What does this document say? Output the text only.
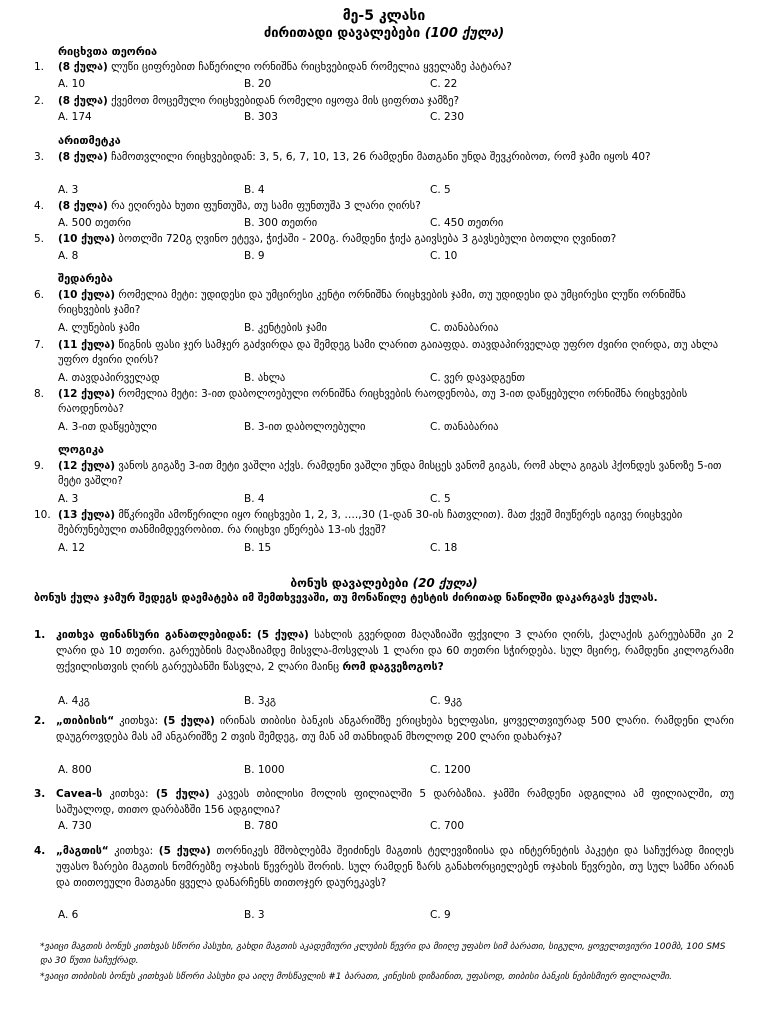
მე-5 კლასი
ძირითადი დავალებები (100 ქულა)
რიცხვთა თეორია
1. (8 ქულა) ლუწი ციფრებით ჩაწერილი ორნიშნა რიცხვებიდან რომელია ყველაზე პატარა?
A. 10	B. 20	C. 22
2. (8 ქულა) ქვემოთ მოცემული რიცხვებიდან რომელი იყოფა მის ციფრთა ჯამზე?
A. 174	B. 303	C. 230
არითმეტკა
3. (8 ქულა) ჩამოთვლილი რიცხვებიდან: 3, 5, 6, 7, 10, 13, 26 რამდენი მათგანი უნდა შევკრიბოთ, რომ ჯამი იყოს 40?
A. 3	B. 4	C. 5
4. (8 ქულა) რა ეღირება ხუთი ფუნთუშა, თუ სამი ფუნთუშა 3 ლარი ღირს?
A. 500 თეთრი	B. 300 თეთრი	C. 450 თეთრი
5. (10 ქულა) ბოთლში 720გ ღვინო ეტევა, ჭიქაში - 200გ. რამდენი ჭიქა გაივსება 3 გავსებული ბოთლი ღვინით?
A. 8	B. 9	C. 10
შედარება
6. (10 ქულა) რომელია მეტი: უდიდესი და უმცირესი კენტი ორნიშნა რიცხვების ჯამი, თუ უდიდესი და უმცირესი ლუწი ორნიშნა რიცხვების ჯამი?
A. ლუწების ჯამი	B. კენტების ჯამი	C. თანაბარია
7. (11 ქულა) წიგნის ფასი ჯერ სამჯერ გაძვირდა და შემდეგ სამი ლარით გაიაფდა. თავდაპირველად უფრო ძვირი ღირდა, თუ ახლა უფრო ძვირი ღირს?
A. თავდაპირველად	B. ახლა	C. ვერ დავადგენთ
8. (12 ქულა) რომელია მეტი: 3-ით დაბოლოებული ორნიშნა რიცხვების რაოდენობა, თუ 3-ით დაწყებული ორნიშნა რიცხვების რაოდენობა?
A. 3-ით დაწყებული	B. 3-ით დაბოლოებული	C. თანაბარია
ლოგიკა
9. (12 ქულა) ვანოს გიგაზე 3-ით მეტი ვაშლი აქვს. რამდენი ვაშლი უნდა მისცეს ვანომ გიგას, რომ ახლა გიგას ჰქონდეს ვანოზე 5-ით მეტი ვაშლი?
A. 3	B. 4	C. 5
10. (13 ქულა) მწკრივში ამოწერილი იყო რიცხვები 1, 2, 3, ….,30 (1-დან 30-ის ჩათვლით). მათ ქვეშ მიუწერეს იგივე რიცხვები შებრუნებული თანმიმდევრობით. რა რიცხვი ეწერება 13-ის ქვეშ?
A. 12	B. 15	C. 18
ბონუს დავალებები (20 ქულა)
ბონუს ქულა ჯამურ შედეგს დაემატება იმ შემთხვევაში, თუ მონაწილე ტესტის ძირითად ნაწილში დაკარგავს ქულას.
1. კითხვა ფინანსური განათლებიდან: (5 ქულა) სახლის გვერდით მაღაზიაში ფქვილი 3 ლარი ღირს, ქალაქის გარეუბანში კი 2 ლარი და 10 თეთრი. გარეუბნის მაღაზიამდე მისვლა-მოსვლას 1 ლარი და 60 თეთრი სჭირდება. სულ მცირე, რამდენი კილოგრამი ფქვილისთვის ღირს გარეუბანში წასვლა, 2 ლარი მაინც რომ დაგვეზოგოს?
A. 4კგ	B. 3კგ	C. 9კგ
2. „თიბისის“ კითხვა: (5 ქულა) ირინას თიბისი ბანკის ანგარიშზე ერიცხება ხელფასი, ყოველთვიურად 500 ლარი. რამდენი ლარი დაუგროვდება მას ამ ანგარიშზე 2 თვის შემდეგ, თუ მან ამ თანხიდან მხოლოდ 200 ლარი დახარჯა?
A. 800	B. 1000	C. 1200
3. Cavea-ს კითხვა: (5 ქულა) კავეას თბილისი მოლის ფილიალში 5 დარბაზია. ჯამში რამდენი ადგილია ამ ფილიალში, თუ საშუალოდ, თითო დარბაზში 156 ადგილია?
A. 730	B. 780	C. 700
4. „მაგთის“ კითხვა: (5 ქულა) თორნიკეს მშობლებმა შეიძინეს მაგთის ტელევიზიისა და ინტერნეტის პაკეტი და საჩუქრად მიიღეს უფასო ზარები მაგთის ნომრებზე ოჯახის წევრებს შორის. სულ რამდენ ზარს განახორციელებენ ოჯახის წევრები, თუ სულ სამნი არიან და თითოეული მათგანი ყველა დანარჩენს თითოჯერ დაურეკავს?
A. 6	B. 3	C. 9
*ვაიცი მაგთის ბონუს კითხვას სწორი პასუხი, გახდი მაგთის აკადემიური კლუბის წევრი და მიიღე უფასო სიმ ბარათი, სიგული, ყოველთვიური 100მბ, 100 SMS და 30 წუთი საჩუქრად.
*ვაიცი თიბისის ბონუს კითხვას სწორი პასუხი და აიღე მოსწავლის #1 ბარათი, კინესის დიზაინით, უფასოდ, თიბისი ბანკის ნებისმიერ ფილიალში.
